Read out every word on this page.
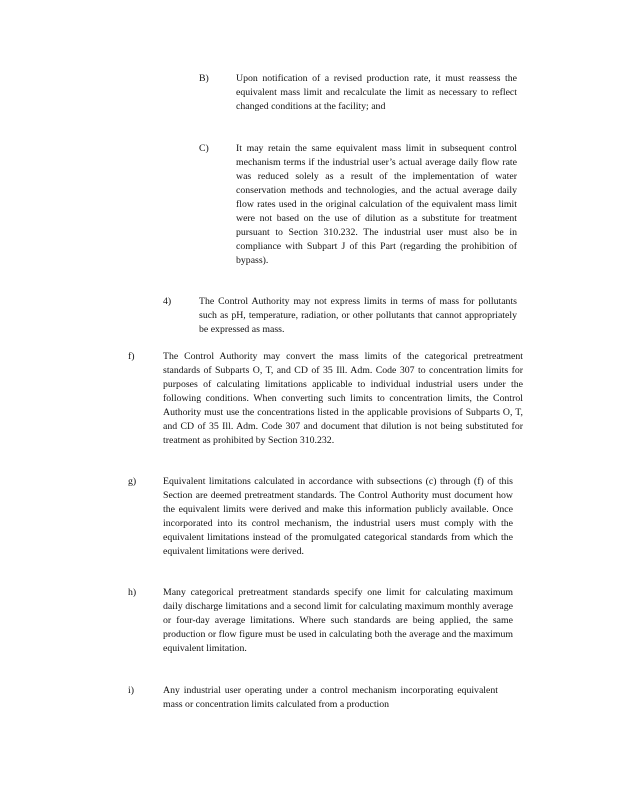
B)	Upon notification of a revised production rate, it must reassess the equivalent mass limit and recalculate the limit as necessary to reflect changed conditions at the facility; and
C)	It may retain the same equivalent mass limit in subsequent control mechanism terms if the industrial user’s actual average daily flow rate was reduced solely as a result of the implementation of water conservation methods and technologies, and the actual average daily flow rates used in the original calculation of the equivalent mass limit were not based on the use of dilution as a substitute for treatment pursuant to Section 310.232. The industrial user must also be in compliance with Subpart J of this Part (regarding the prohibition of bypass).
4)	The Control Authority may not express limits in terms of mass for pollutants such as pH, temperature, radiation, or other pollutants that cannot appropriately be expressed as mass.
f)	The Control Authority may convert the mass limits of the categorical pretreatment standards of Subparts O, T, and CD of 35 Ill. Adm. Code 307 to concentration limits for purposes of calculating limitations applicable to individual industrial users under the following conditions. When converting such limits to concentration limits, the Control Authority must use the concentrations listed in the applicable provisions of Subparts O, T, and CD of 35 Ill. Adm. Code 307 and document that dilution is not being substituted for treatment as prohibited by Section 310.232.
g)	Equivalent limitations calculated in accordance with subsections (c) through (f) of this Section are deemed pretreatment standards. The Control Authority must document how the equivalent limits were derived and make this information publicly available. Once incorporated into its control mechanism, the industrial users must comply with the equivalent limitations instead of the promulgated categorical standards from which the equivalent limitations were derived.
h)	Many categorical pretreatment standards specify one limit for calculating maximum daily discharge limitations and a second limit for calculating maximum monthly average or four-day average limitations. Where such standards are being applied, the same production or flow figure must be used in calculating both the average and the maximum equivalent limitation.
i)	Any industrial user operating under a control mechanism incorporating equivalent mass or concentration limits calculated from a production
